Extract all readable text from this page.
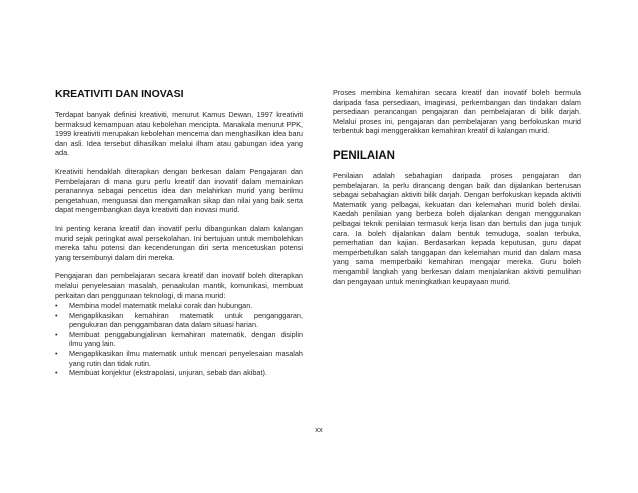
KREATIVITI DAN INOVASI

Terdapat banyak definisi kreativiti, menurut Kamus Dewan, 1997 kreativiti bermaksud kemampuan atau kebolehan mencipta. Manakala menurut PPK, 1999 kreativiti merupakan kebolehan mencema dan menghasilkan idea baru dan asli. Idea tersebut dihasilkan melalui ilham atau gabungan idea yang ada.

Kreativiti hendaklah diterapkan dengan berkesan dalam Pengajaran dan Pembelajaran di mana guru perlu kreatif dan inovatif dalam memainkan peranannya sebagai pencetus idea dan melahirkan murid yang berilmu pengetahuan, menguasai dan mengamalkan sikap dan nilai yang baik serta dapat mengembangkan daya kreativiti dan inovasi murid.

Ini penting kerana kreatif dan inovatif perlu dibangunkan dalam kalangan murid sejak peringkat awal persekolahan. Ini bertujuan untuk membolehkan mereka tahu potensi dan kecenderungan diri serta mencetuskan potensi yang tersembunyi dalam diri mereka.

Pengajaran dan pembelajaran secara kreatif dan inovatif boleh diterapkan melalui penyelesaian masalah, penaakulan mantik, komunikasi, membuat perkaitan dan penggunaan teknologi, di mana murid:

• Membina model matematik melalui corak dan hubungan.
• Mengaplikasikan kemahiran matematik untuk penganggaran, pengukuran dan penggambaran data dalam situasi harian.
• Membuat penggabungjalinan kemahiran matematik, dengan disiplin ilmu yang lain.
• Mengaplikasikan ilmu matematik untuk mencari penyelesaian masalah yang rutin dan tidak rutin.
• Membuat konjektur (ekstrapolasi, unjuran, sebab dan akibat).

Proses membina kemahiran secara kreatif dan inovatif boleh bermula daripada fasa persediaan, imaginasi, perkembangan dan tindakan dalam persediaan perancangan pengajaran dan pembelajaran di bilik darjah. Melalui proses ini, pengajaran dan pembelajaran yang berfokuskan murid terbentuk bagi menggerakkan kemahiran kreatif di kalangan murid.

PENILAIAN

Penilaian adalah sebahagian daripada proses pengajaran dan pembelajaran. Ia perlu dirancang dengan baik dan dijalankan berterusan sebagai sebahagian aktiviti bilik darjah. Dengan berfokuskan kepada aktiviti Matematik yang pelbagai, kekuatan dan kelemahan murid boleh dinilai. Kaedah penilaian yang berbeza boleh dijalankan dengan menggunakan pelbagai teknik penilaian termasuk kerja lisan dan bertulis dan juga tunjuk cara. Ia boleh dijalankan dalam bentuk temuduga, soalan terbuka, pemerhatian dan kajian. Berdasarkan kepada keputusan, guru dapat memperbetulkan salah tanggapan dan kelemahan murid dan dalam masa yang sama memperbaiki kemahiran mengajar mereka. Guru boleh mengambil langkah yang berkesan dalam menjalankan aktiviti pemulihan dan pengayaan untuk meningkatkan keupayaan murid.

xx
